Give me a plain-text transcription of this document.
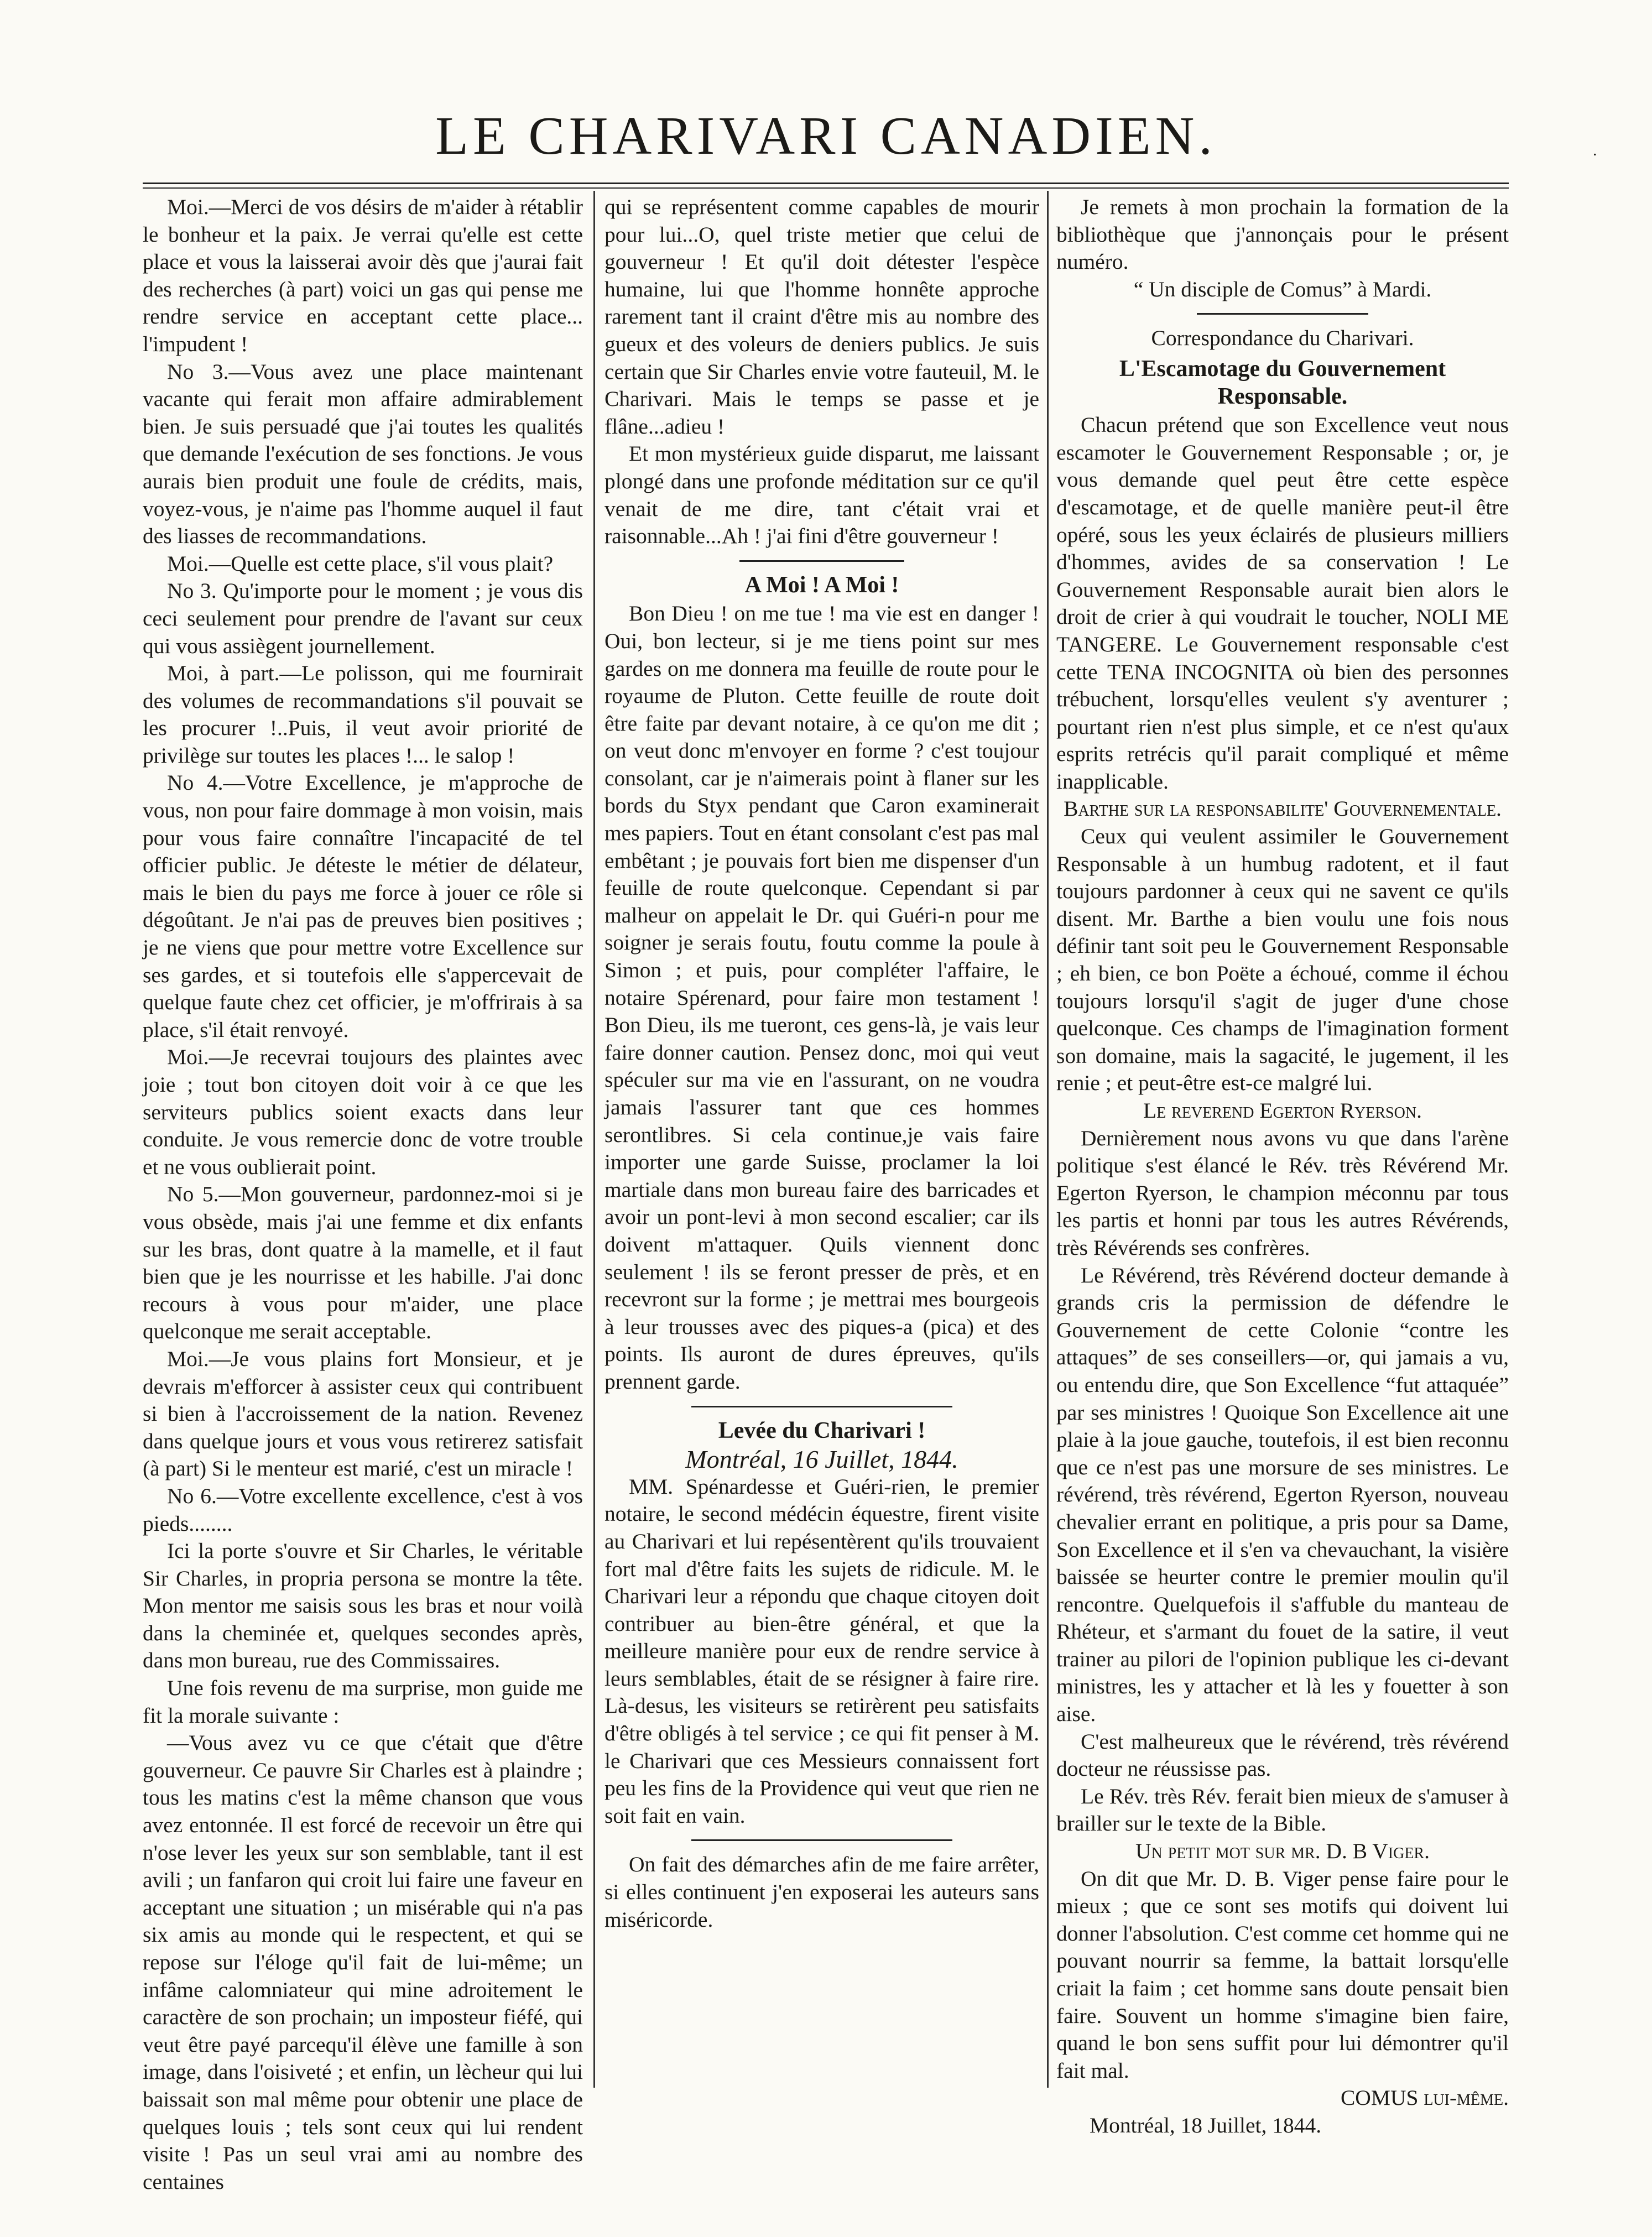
LE CHARIVARI CANADIEN.	.

Moi.—Merci de vos désirs de m'aider à rétablir le bonheur et la paix. Je verrai qu'elle est cette place et vous la laisserai avoir dès que j'aurai fait des recherches (à part) voici un gas qui pense me rendre service en acceptant cette place... l'impudent !

No 3.—Vous avez une place maintenant vacante qui ferait mon affaire admirablement bien. Je suis persuadé que j'ai toutes les qualités que demande l'exécution de ses fonctions. Je vous aurais bien produit une foule de crédits, mais, voyez-vous, je n'aime pas l'homme auquel il faut des liasses de recommandations.

Moi.—Quelle est cette place, s'il vous plait?

No 3. Qu'importe pour le moment ; je vous dis ceci seulement pour prendre de l'avant sur ceux qui vous assiègent journellement.

Moi, à part.—Le polisson, qui me fournirait des volumes de recommandations s'il pouvait se les procurer !..Puis, il veut avoir priorité de privilège sur toutes les places !... le salop !

No 4.—Votre Excellence, je m'approche de vous, non pour faire dommage à mon voisin, mais pour vous faire connaître l'incapacité de tel officier public. Je déteste le métier de délateur, mais le bien du pays me force à jouer ce rôle si dégoûtant. Je n'ai pas de preuves bien positives ; je ne viens que pour mettre votre Excellence sur ses gardes, et si toutefois elle s'appercevait de quelque faute chez cet officier, je m'offrirais à sa place, s'il était renvoyé.

Moi.—Je recevrai toujours des plaintes avec joie ; tout bon citoyen doit voir à ce que les serviteurs publics soient exacts dans leur conduite. Je vous remercie donc de votre trouble et ne vous oublierait point.

No 5.—Mon gouverneur, pardonnez-moi si je vous obsède, mais j'ai une femme et dix enfants sur les bras, dont quatre à la mamelle, et il faut bien que je les nourrisse et les habille. J'ai donc recours à vous pour m'aider, une place quelconque me serait acceptable.

Moi.—Je vous plains fort Monsieur, et je devrais m'efforcer à assister ceux qui contribuent si bien à l'accroissement de la nation. Revenez dans quelque jours et vous vous retirerez satisfait (à part) Si le menteur est marié, c'est un miracle !

No 6.—Votre excellente excellence, c'est à vos pieds........

Ici la porte s'ouvre et Sir Charles, le véritable Sir Charles, in propria persona se montre la tête. Mon mentor me saisis sous les bras et nour voilà dans la cheminée et, quelques secondes après, dans mon bureau, rue des Commissaires.

Une fois revenu de ma surprise, mon guide me fit la morale suivante :

—Vous avez vu ce que c'était que d'être gouverneur. Ce pauvre Sir Charles est à plaindre ; tous les matins c'est la même chanson que vous avez entonnée. Il est forcé de recevoir un être qui n'ose lever les yeux sur son semblable, tant il est avili ; un fanfaron qui croit lui faire une faveur en acceptant une situation ; un misérable qui n'a pas six amis au monde qui le respectent, et qui se repose sur l'éloge qu'il fait de lui-même; un infâme calomniateur qui mine adroitement le caractère de son prochain; un imposteur fiéfé, qui veut être payé parcequ'il élève une famille à son image, dans l'oisiveté ; et enfin, un lècheur qui lui baissait son mal même pour obtenir une place de quelques louis ; tels sont ceux qui lui rendent visite ! Pas un seul vrai ami au nombre des centaines

qui se représentent comme capables de mourir pour lui...O, quel triste metier que celui de gouverneur ! Et qu'il doit détester l'espèce humaine, lui que l'homme honnête approche rarement tant il craint d'être mis au nombre des gueux et des voleurs de deniers publics. Je suis certain que Sir Charles envie votre fauteuil, M. le Charivari. Mais le temps se passe et je flâne...adieu !

Et mon mystérieux guide disparut, me laissant plongé dans une profonde méditation sur ce qu'il venait de me dire, tant c'était vrai et raisonnable...Ah ! j'ai fini d'être gouverneur !

A Moi ! A Moi !

Bon Dieu ! on me tue ! ma vie est en danger ! Oui, bon lecteur, si je me tiens point sur mes gardes on me donnera ma feuille de route pour le royaume de Pluton. Cette feuille de route doit être faite par devant notaire, à ce qu'on me dit ; on veut donc m'envoyer en forme ? c'est toujour consolant, car je n'aimerais point à flaner sur les bords du Styx pendant que Caron examinerait mes papiers. Tout en étant consolant c'est pas mal embêtant ; je pouvais fort bien me dispenser d'un feuille de route quelconque. Cependant si par malheur on appelait le Dr. qui Guéri-n pour me soigner je serais foutu, foutu comme la poule à Simon ; et puis, pour compléter l'affaire, le notaire Spérenard, pour faire mon testament ! Bon Dieu, ils me tueront, ces gens-là, je vais leur faire donner caution. Pensez donc, moi qui veut spéculer sur ma vie en l'assurant, on ne voudra jamais l'assurer tant que ces hommes serontlibres. Si cela continue,je vais faire importer une garde Suisse, proclamer la loi martiale dans mon bureau faire des barricades et avoir un pont-levi à mon second escalier; car ils doivent m'attaquer. Quils viennent donc seulement ! ils se feront presser de près, et en recevront sur la forme ; je mettrai mes bourgeois à leur trousses avec des piques-a (pica) et des points. Ils auront de dures épreuves, qu'ils prennent garde.

Levée du Charivari !

Montréal, 16 Juillet, 1844.

MM. Spénardesse et Guéri-rien, le premier notaire, le second médécin équestre, firent visite au Charivari et lui repésentèrent qu'ils trouvaient fort mal d'être faits les sujets de ridicule. M. le Charivari leur a répondu que chaque citoyen doit contribuer au bien-être général, et que la meilleure manière pour eux de rendre service à leurs semblables, était de se résigner à faire rire. Là-desus, les visiteurs se retirèrent peu satisfaits d'être obligés à tel service ; ce qui fit penser à M. le Charivari que ces Messieurs connaissent fort peu les fins de la Providence qui veut que rien ne soit fait en vain.

On fait des démarches afin de me faire arrêter, si elles continuent j'en exposerai les auteurs sans miséricorde.

Je remets à mon prochain la formation de la bibliothèque que j'annonçais pour le présent numéro.

“ Un disciple de Comus” à Mardi.

Correspondance du Charivari.

L'Escamotage du Gouvernement Responsable.

Chacun prétend que son Excellence veut nous escamoter le Gouvernement Responsable ; or, je vous demande quel peut être cette espèce d'escamotage, et de quelle manière peut-il être opéré, sous les yeux éclairés de plusieurs milliers d'hommes, avides de sa conservation ! Le Gouvernement Responsable aurait bien alors le droit de crier à qui voudrait le toucher, NOLI ME TANGERE. Le Gouvernement responsable c'est cette TENA INCOGNITA où bien des personnes trébuchent, lorsqu'elles veulent s'y aventurer ; pourtant rien n'est plus simple, et ce n'est qu'aux esprits retrécis qu'il parait compliqué et même inapplicable.

Barthe sur la responsabilite' Gouvernementale.

Ceux qui veulent assimiler le Gouvernement Responsable à un humbug radotent, et il faut toujours pardonner à ceux qui ne savent ce qu'ils disent. Mr. Barthe a bien voulu une fois nous définir tant soit peu le Gouvernement Responsable ; eh bien, ce bon Poëte a échoué, comme il échou toujours lorsqu'il s'agit de juger d'une chose quelconque. Ces champs de l'imagination forment son domaine, mais la sagacité, le jugement, il les renie ; et peut-être est-ce malgré lui.

Le reverend Egerton Ryerson.

Dernièrement nous avons vu que dans l'arène politique s'est élancé le Rév. très Révérend Mr. Egerton Ryerson, le champion méconnu par tous les partis et honni par tous les autres Révérends, très Révérends ses confrères.

Le Révérend, très Révérend docteur demande à grands cris la permission de défendre le Gouvernement de cette Colonie “contre les attaques” de ses conseillers—or, qui jamais a vu, ou entendu dire, que Son Excellence “fut attaquée” par ses ministres ! Quoique Son Excellence ait une plaie à la joue gauche, toutefois, il est bien reconnu que ce n'est pas une morsure de ses ministres. Le révérend, très révérend, Egerton Ryerson, nouveau chevalier errant en politique, a pris pour sa Dame, Son Excellence et il s'en va chevauchant, la visière baissée se heurter contre le premier moulin qu'il rencontre. Quelquefois il s'affuble du manteau de Rhéteur, et s'armant du fouet de la satire, il veut trainer au pilori de l'opinion publique les ci-devant ministres, les y attacher et là les y fouetter à son aise.

C'est malheureux que le révérend, très révérend docteur ne réussisse pas.

Le Rév. très Rév. ferait bien mieux de s'amuser à brailler sur le texte de la Bible.

Un petit mot sur mr. D. B Viger.

On dit que Mr. D. B. Viger pense faire pour le mieux ; que ce sont ses motifs qui doivent lui donner l'absolution. C'est comme cet homme qui ne pouvant nourrir sa femme, la battait lorsqu'elle criait la faim ; cet homme sans doute pensait bien faire. Souvent un homme s'imagine bien faire, quand le bon sens suffit pour lui démontrer qu'il fait mal.

COMUS lui-même.

Montréal, 18 Juillet, 1844.
